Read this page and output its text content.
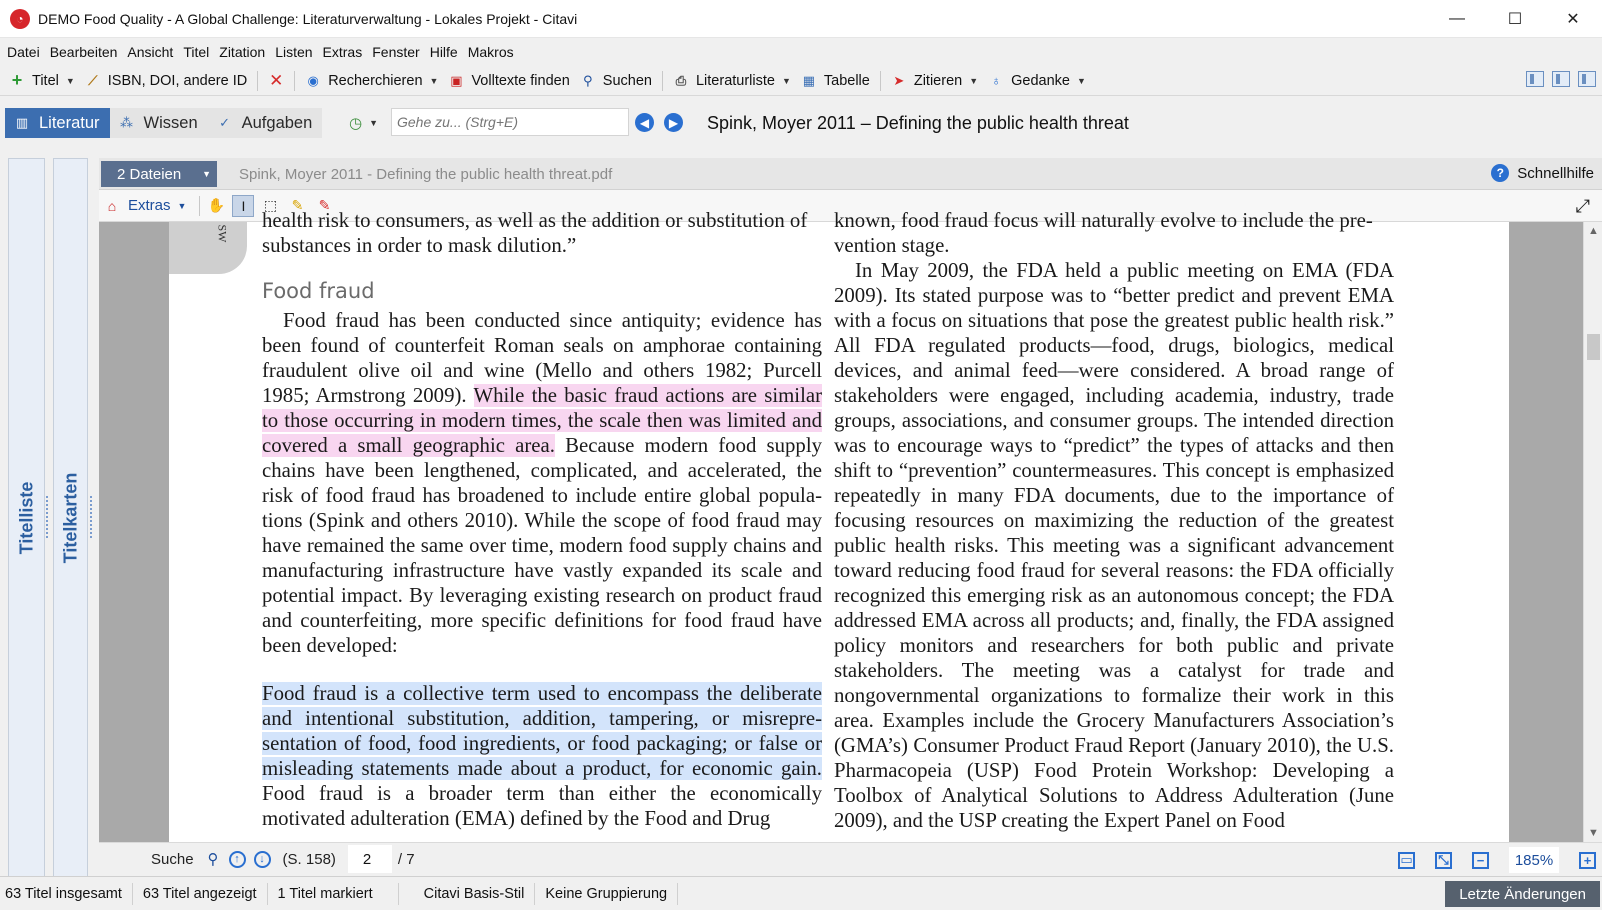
◔	DEMO Food Quality - A Global Challenge: Literaturverwaltung - Lokales Projekt - Citavi	—	☐	✕
Datei Bearbeiten Ansicht Titel Zitation Listen Extras Fenster Hilfe Makros
+ Titel ▼ ⟋ ISBN, DOI, andere ID ✕ ◉ Recherchieren ▼ ▣ Volltexte finden ⚲ Suchen ⎙ Literaturliste ▼ ▦ Tabelle ➤ Zitieren ▼ ♁ Gedanke ▼
▥ Literatur ⁂ Wissen ✓ Aufgaben ◷ ▼
Gehe zu... (Strg+E)	◀	▶ Spink, Moyer 2011 – Defining the public health threat
Titelliste Titelkarten
2 Dateien ▼ Spink, Moyer 2011 - Defining the public health threat.pdf	? Schnellhilfe
⌂ Extras ▼ ✋	I	⬚	✎	✎	⤢
SW

health risk to consumers, as well as the addition or substitution of

substances in order to mask dilution.”

Food fraud

Food fraud has been conducted since antiquity; evidence has been found of counterfeit Roman seals on amphorae containing fraudulent olive oil and wine (Mello and others 1982; Purcell 1985; Armstrong 2009). While the basic fraud actions are similar to those occurring in modern times, the scale then was limited and covered a small geographic area. Because modern food supply chains have been lengthened, complicated, and accelerated, the risk of food fraud has broadened to include entire global populations (Spink and others 2010). While the scope of food fraud may have remained the same over time, modern food supply chains and manufacturing infrastructure have vastly expanded its scale and potential impact. By leveraging existing research on product fraud and counterfeiting, more specific definitions for food fraud have been developed:

Food fraud is a collective term used to encompass the deliberate and intentional substitution, addition, tampering, or misrepresentation of food, food ingredients, or food packaging; or false or misleading statements made about a product, for economic gain. Food fraud is a broader term than either the economically motivated adulteration (EMA) defined by the Food and Drug

known, food fraud focus will naturally evolve to include the pre-

vention stage.

In May 2009, the FDA held a public meeting on EMA (FDA 2009). Its stated purpose was to “better predict and prevent EMA with a focus on situations that pose the greatest public health risk.” All FDA regulated products—food, drugs, biologics, medical devices, and animal feed—were considered. A broad range of stakeholders were engaged, including academia, industry, trade groups, associations, and consumer groups. The intended direction was to encourage ways to “predict” the types of attacks and then shift to “prevention” countermeasures. This concept is emphasized repeatedly in many FDA documents, due to the importance of focusing resources on maximizing the reduction of the greatest public health risks. This meeting was a significant advancement toward reducing food fraud for several reasons: the FDA officially recognized this emerging risk as an autonomous concept; the FDA addressed EMA across all products; and, finally, the FDA assigned policy monitors and researchers for both public and private stakeholders. The meeting was a catalyst for trade and nongovernmental organizations to formalize their work in this area. Examples include the Grocery Manufacturers Association’s (GMA’s) Consumer Product Fraud Report (January 2010), the U.S. Pharmacopeia (USP) Food Protein Workshop: Developing a Toolbox of Analytical Solutions to Address Adulteration (June 2009), and the USP creating the Expert Panel on Food

▲
▼
Suche ⚲	↑	↓	(S. 158)
2	/ 7	▭ ⤡	−	185%	+
63 Titel insgesamt	63 Titel angezeigt	1 Titel markiert	Citavi Basis-Stil	Keine Gruppierung	Letzte Änderungen
